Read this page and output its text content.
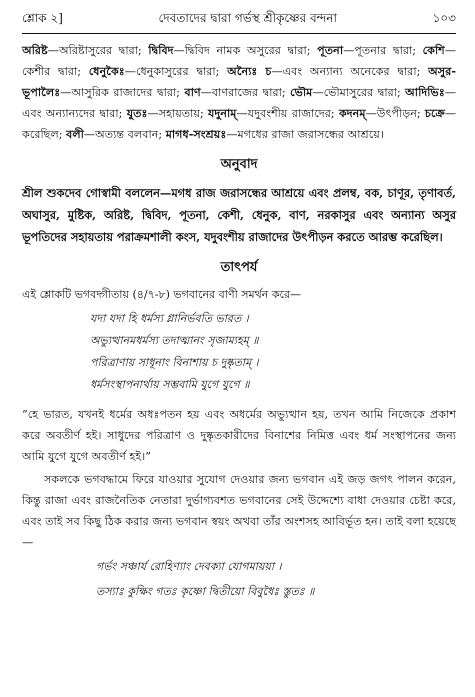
শ্লোক ২]	দেবতাদের দ্বারা গর্ভস্থ শ্রীকৃষ্ণের বন্দনা	১০৩

অরিষ্ট—অরিষ্টাসুরের দ্বারা; দ্বিবিদ—দ্বিবিদ নামক অসুরের দ্বারা; পূতনা—পূতনার দ্বারা; কেশি—কেশীর দ্বারা; ধেনুকৈঃ—ধেনুকাসুরের দ্বারা; অন্যৈঃ চ—এবং অন্যান্য অনেকের দ্বারা; অসুর-ভূপালৈঃ—আসুরিক রাজাদের দ্বারা; বাণ—বাণরাজের দ্বারা; ভৌম—ভৌমাসুরের দ্বারা; আদিভিঃ—এবং অন্যান্যদের দ্বারা; যুতঃ—সহায়তায়; যদুনাম্—যদুবংশীয় রাজাদের; কদনম্—উৎপীড়ন; চক্রে—করেছিল; বলী—অত্যন্ত বলবান; মাগধ-সংশ্রয়ঃ—মগধের রাজা জরাসন্ধের আশ্রয়ে।

অনুবাদ

শ্রীল শুকদেব গোস্বামী বললেন—মগধ রাজ জরাসন্ধের আশ্রয়ে এবং প্রলম্ব, বক, চাণূর, তৃণাবর্ত, অঘাসুর, মুষ্টিক, অরিষ্ট, দ্বিবিদ, পূতনা, কেশী, ধেনুক, বাণ, নরকাসুর এবং অন্যান্য অসুর ভূপতিদের সহায়তায় পরাক্রমশালী কংস, যদুবংশীয় রাজাদের উৎপীড়ন করতে আরম্ভ করেছিল।

তাৎপর্য

এই শ্লোকটি ভগবদ্গীতায় (৪/৭-৮) ভগবানের বাণী সমর্থন করে—

যদা যদা হি ধর্মস্য গ্লানির্ভবতি ভারত ।
অভ্যুত্থানমধর্মস্য তদাত্মানং সৃজাম্যহম্ ॥
পরিত্রাণায় সাধূনাং বিনাশায় চ দুষ্কৃতাম্ ।
ধর্মসংস্থাপনার্থায় সম্ভবামি যুগে যুগে ॥

“হে ভারত, যখনই ধর্মের অধঃপতন হয় এবং অধর্মের অভ্যুত্থান হয়, তখন আমি নিজেকে প্রকাশ করে অবতীর্ণ হই। সাধুদের পরিত্রাণ ও দুষ্কৃতকারীদের বিনাশের নিমিত্ত এবং ধর্ম সংস্থাপনের জন্য আমি যুগে যুগে অবতীর্ণ হই।”

সকলকে ভগবদ্ধামে ফিরে যাওয়ার সুযোগ দেওয়ার জন্য ভগবান এই জড় জগৎ পালন করেন, কিন্তু রাজা এবং রাজনৈতিক নেতারা দুর্ভাগ্যবশত ভগবানের সেই উদ্দেশ্যে বাধা দেওয়ার চেষ্টা করে, এবং তাই সব কিছু ঠিক করার জন্য ভগবান স্বয়ং অথবা তাঁর অংশসহ আবির্ভূত হন। তাই বলা হয়েছে—

গর্ভং সঞ্চার্য রোহিণ্যাং দেবক্যা যোগমায়য়া ।
তস্যাঃ কুক্ষিং গতঃ কৃষ্ণো দ্বিতীয়ো বিবুধৈঃ স্তুতঃ ॥
